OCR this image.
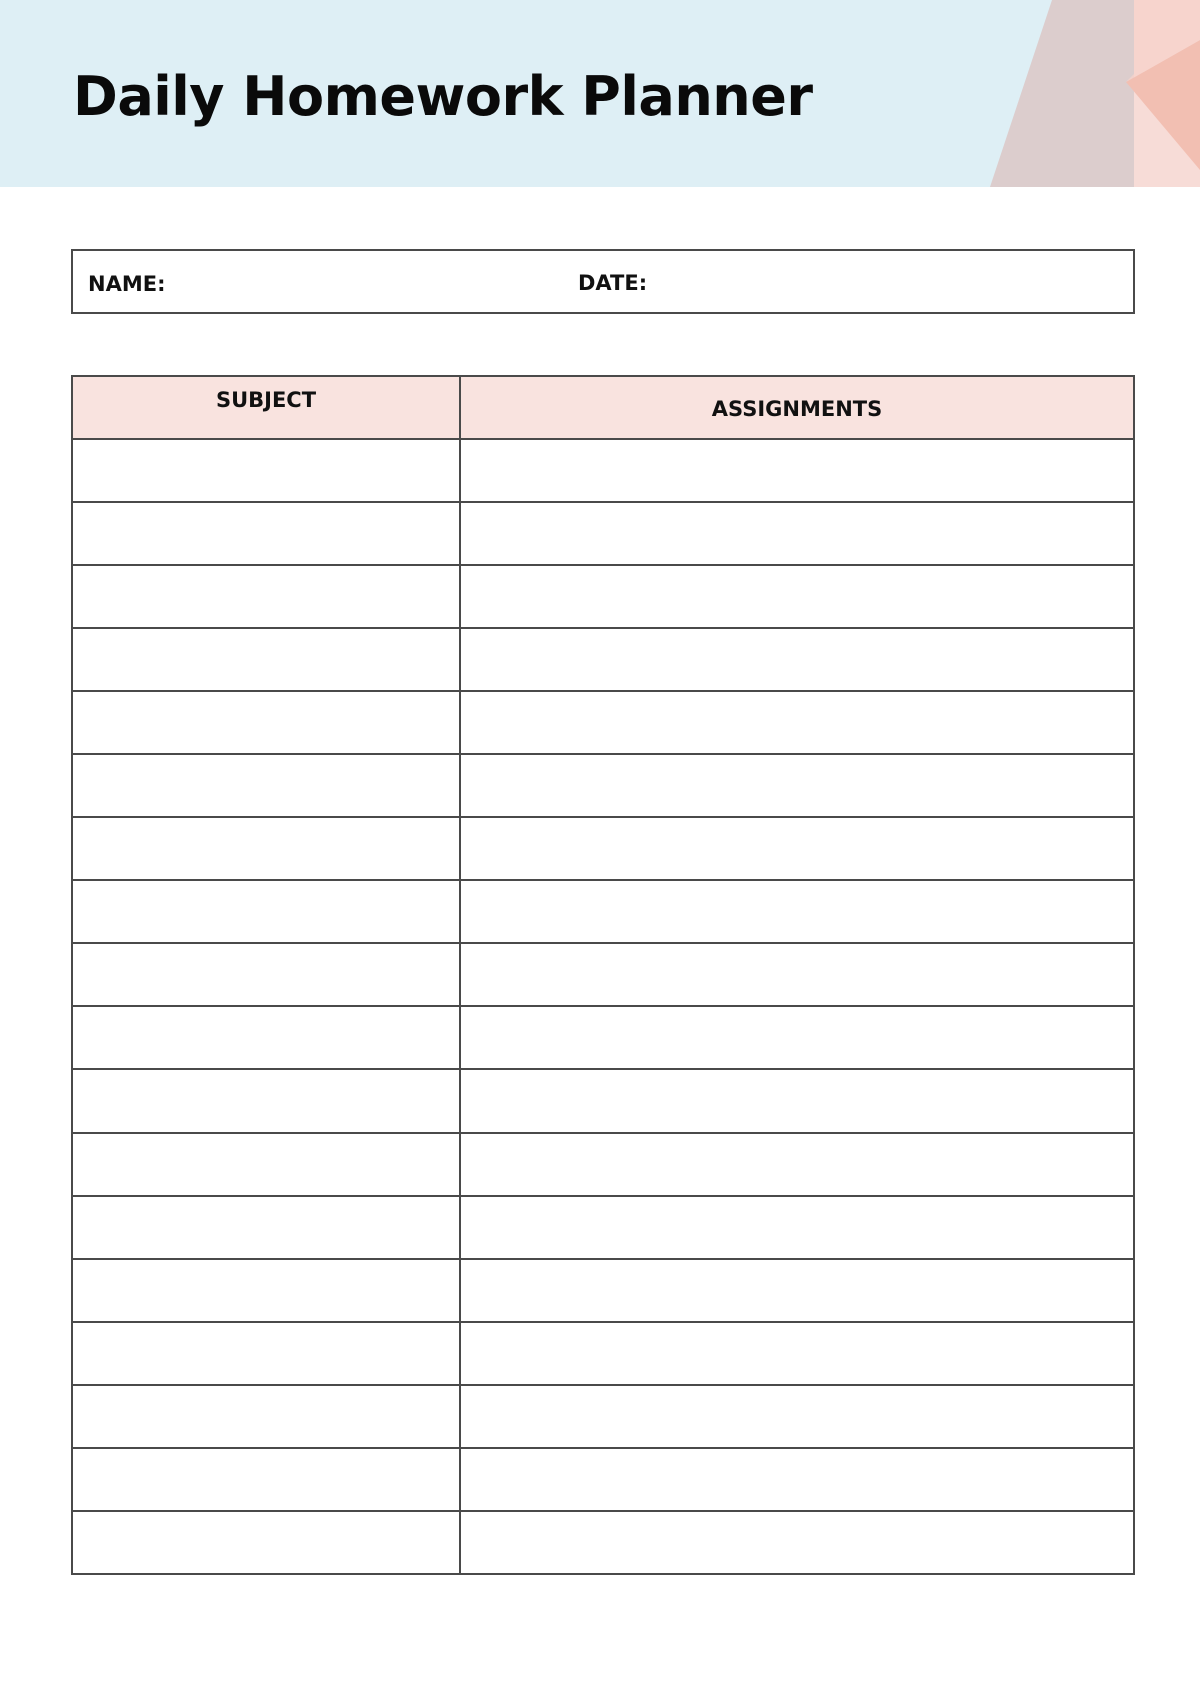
Daily Homework Planner
NAME:	DATE:
SUBJECT	ASSIGNMENTS
